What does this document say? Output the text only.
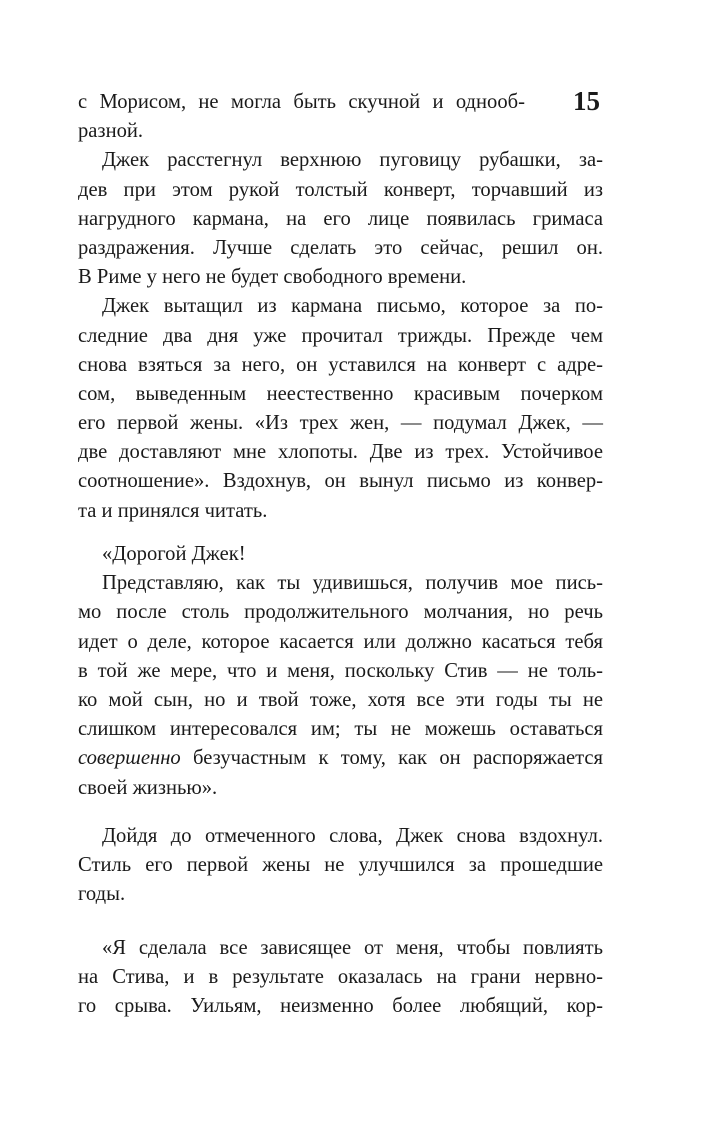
15
с Морисом, не могла быть скучной и однооб-
разной.
Джек расстегнул верхнюю пуговицу рубашки, за-
дев при этом рукой толстый конверт, торчавший из
нагрудного кармана, на его лице появилась гримаса
раздражения. Лучше сделать это сейчас, решил он.
В Риме у него не будет свободного времени.
Джек вытащил из кармана письмо, которое за по-
следние два дня уже прочитал трижды. Прежде чем
снова взяться за него, он уставился на конверт с адре-
сом, выведенным неестественно красивым почерком
его первой жены. «Из трех жен, — подумал Джек, —
две доставляют мне хлопоты. Две из трех. Устойчивое
соотношение». Вздохнув, он вынул письмо из конвер-
та и принялся читать.
«Дорогой Джек!
Представляю, как ты удивишься, получив мое пись-
мо после столь продолжительного молчания, но речь
идет о деле, которое касается или должно касаться тебя
в той же мере, что и меня, поскольку Стив — не толь-
ко мой сын, но и твой тоже, хотя все эти годы ты не
слишком интересовался им; ты не можешь оставаться
совершенно безучастным к тому, как он распоряжается
своей жизнью».
Дойдя до отмеченного слова, Джек снова вздохнул.
Стиль его первой жены не улучшился за прошедшие
годы.
«Я сделала все зависящее от меня, чтобы повлиять
на Стива, и в результате оказалась на грани нервно-
го срыва. Уильям, неизменно более любящий, кор-
